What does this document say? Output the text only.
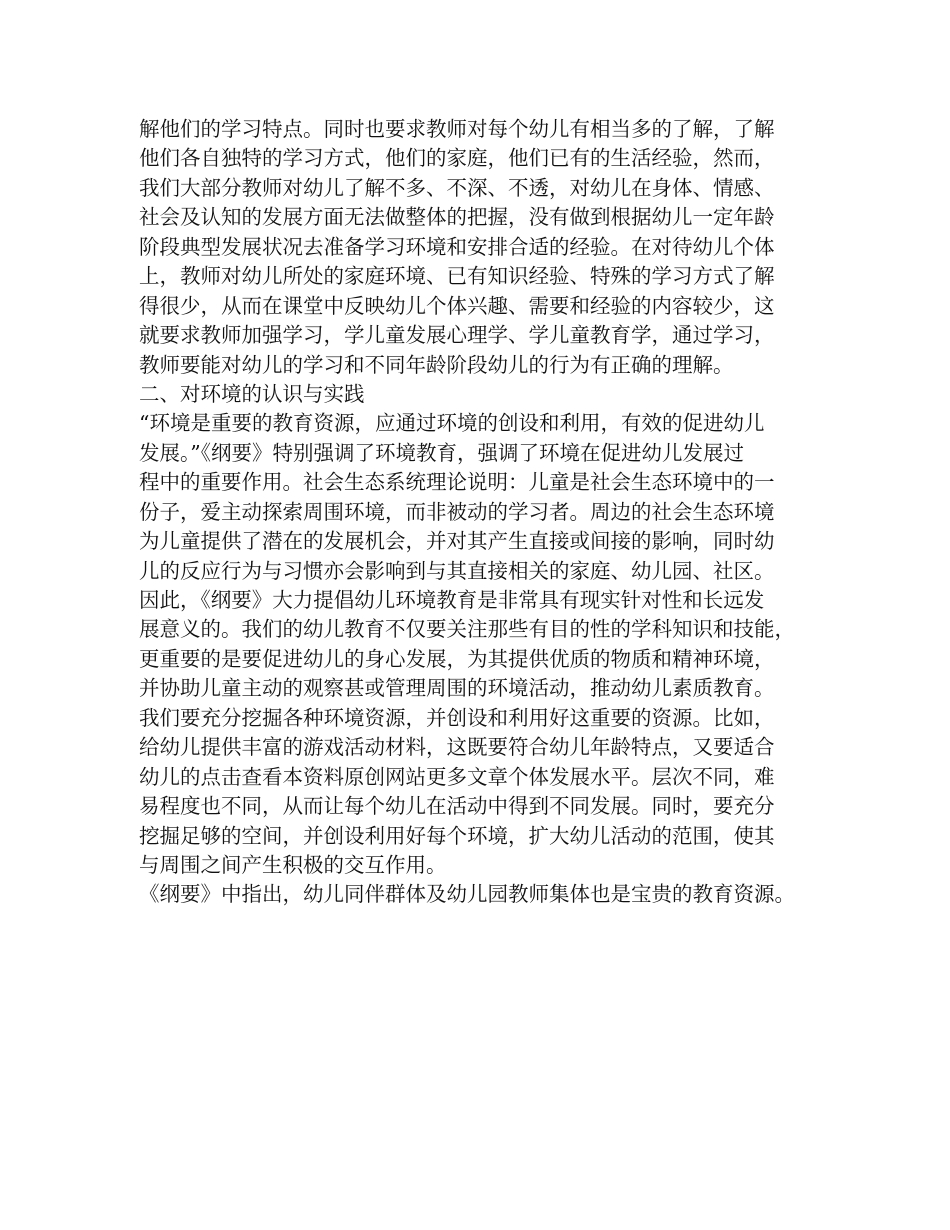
解他们的学习特点。同时也要求教师对每个幼儿有相当多的了解，了解
他们各自独特的学习方式，他们的家庭，他们已有的生活经验，然而，
我们大部分教师对幼儿了解不多、不深、不透，对幼儿在身体、情感、
社会及认知的发展方面无法做整体的把握，没有做到根据幼儿一定年龄
阶段典型发展状况去准备学习环境和安排合适的经验。在对待幼儿个体
上，教师对幼儿所处的家庭环境、已有知识经验、特殊的学习方式了解
得很少，从而在课堂中反映幼儿个体兴趣、需要和经验的内容较少，这
就要求教师加强学习，学儿童发展心理学、学儿童教育学，通过学习，
教师要能对幼儿的学习和不同年龄阶段幼儿的行为有正确的理解。
二、对环境的认识与实践
“环境是重要的教育资源，应通过环境的创设和利用，有效的促进幼儿
发展。”《纲要》特别强调了环境教育，强调了环境在促进幼儿发展过
程中的重要作用。社会生态系统理论说明：儿童是社会生态环境中的一
份子，爱主动探索周围环境，而非被动的学习者。周边的社会生态环境
为儿童提供了潜在的发展机会，并对其产生直接或间接的影响，同时幼
儿的反应行为与习惯亦会影响到与其直接相关的家庭、幼儿园、社区。
因此，《纲要》大力提倡幼儿环境教育是非常具有现实针对性和长远发
展意义的。我们的幼儿教育不仅要关注那些有目的性的学科知识和技能，
更重要的是要促进幼儿的身心发展，为其提供优质的物质和精神环境，
并协助儿童主动的观察甚或管理周围的环境活动，推动幼儿素质教育。
我们要充分挖掘各种环境资源，并创设和利用好这重要的资源。比如，
给幼儿提供丰富的游戏活动材料，这既要符合幼儿年龄特点，又要适合
幼儿的点击查看本资料原创网站更多文章个体发展水平。层次不同，难
易程度也不同，从而让每个幼儿在活动中得到不同发展。同时，要充分
挖掘足够的空间，并创设利用好每个环境，扩大幼儿活动的范围，使其
与周围之间产生积极的交互作用。
《纲要》中指出，幼儿同伴群体及幼儿园教师集体也是宝贵的教育资源。
